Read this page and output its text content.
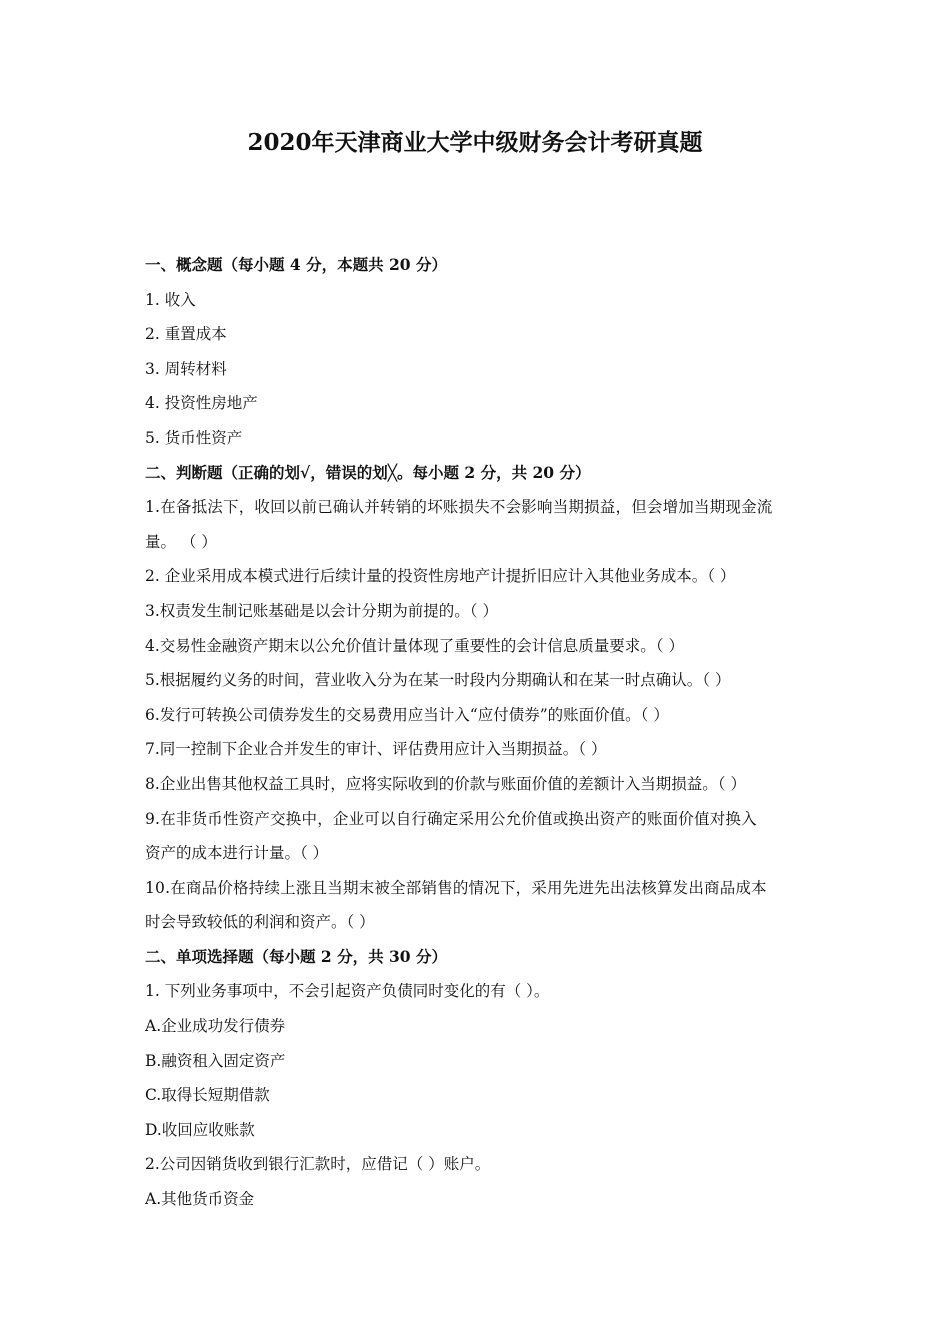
2020年天津商业大学中级财务会计考研真题
一、概念题（每小题 4 分，本题共 20 分）
1. 收入
2. 重置成本
3. 周转材料
4. 投资性房地产
5. 货币性资产
二、判断题（正确的划√，错误的划╳。每小题 2 分，共 20 分）
1.在备抵法下，收回以前已确认并转销的坏账损失不会影响当期损益，但会增加当期现金流
量。 （ ）
2. 企业采用成本模式进行后续计量的投资性房地产计提折旧应计入其他业务成本。（ ）
3.权责发生制记账基础是以会计分期为前提的。（ ）
4.交易性金融资产期末以公允价值计量体现了重要性的会计信息质量要求。（ ）
5.根据履约义务的时间，营业收入分为在某一时段内分期确认和在某一时点确认。（ ）
6.发行可转换公司债券发生的交易费用应当计入“应付债券”的账面价值。（ ）
7.同一控制下企业合并发生的审计、评估费用应计入当期损益。（ ）
8.企业出售其他权益工具时，应将实际收到的价款与账面价值的差额计入当期损益。（ ）
9.在非货币性资产交换中，企业可以自行确定采用公允价值或换出资产的账面价值对换入
资产的成本进行计量。（ ）
10.在商品价格持续上涨且当期末被全部销售的情况下，采用先进先出法核算发出商品成本
时会导致较低的利润和资产。（ ）
二、单项选择题（每小题 2 分，共 30 分）
1. 下列业务事项中，不会引起资产负债同时变化的有（ ）。
A.企业成功发行债券
B.融资租入固定资产
C.取得长短期借款
D.收回应收账款
2.公司因销货收到银行汇款时，应借记（ ）账户。
A.其他货币资金
